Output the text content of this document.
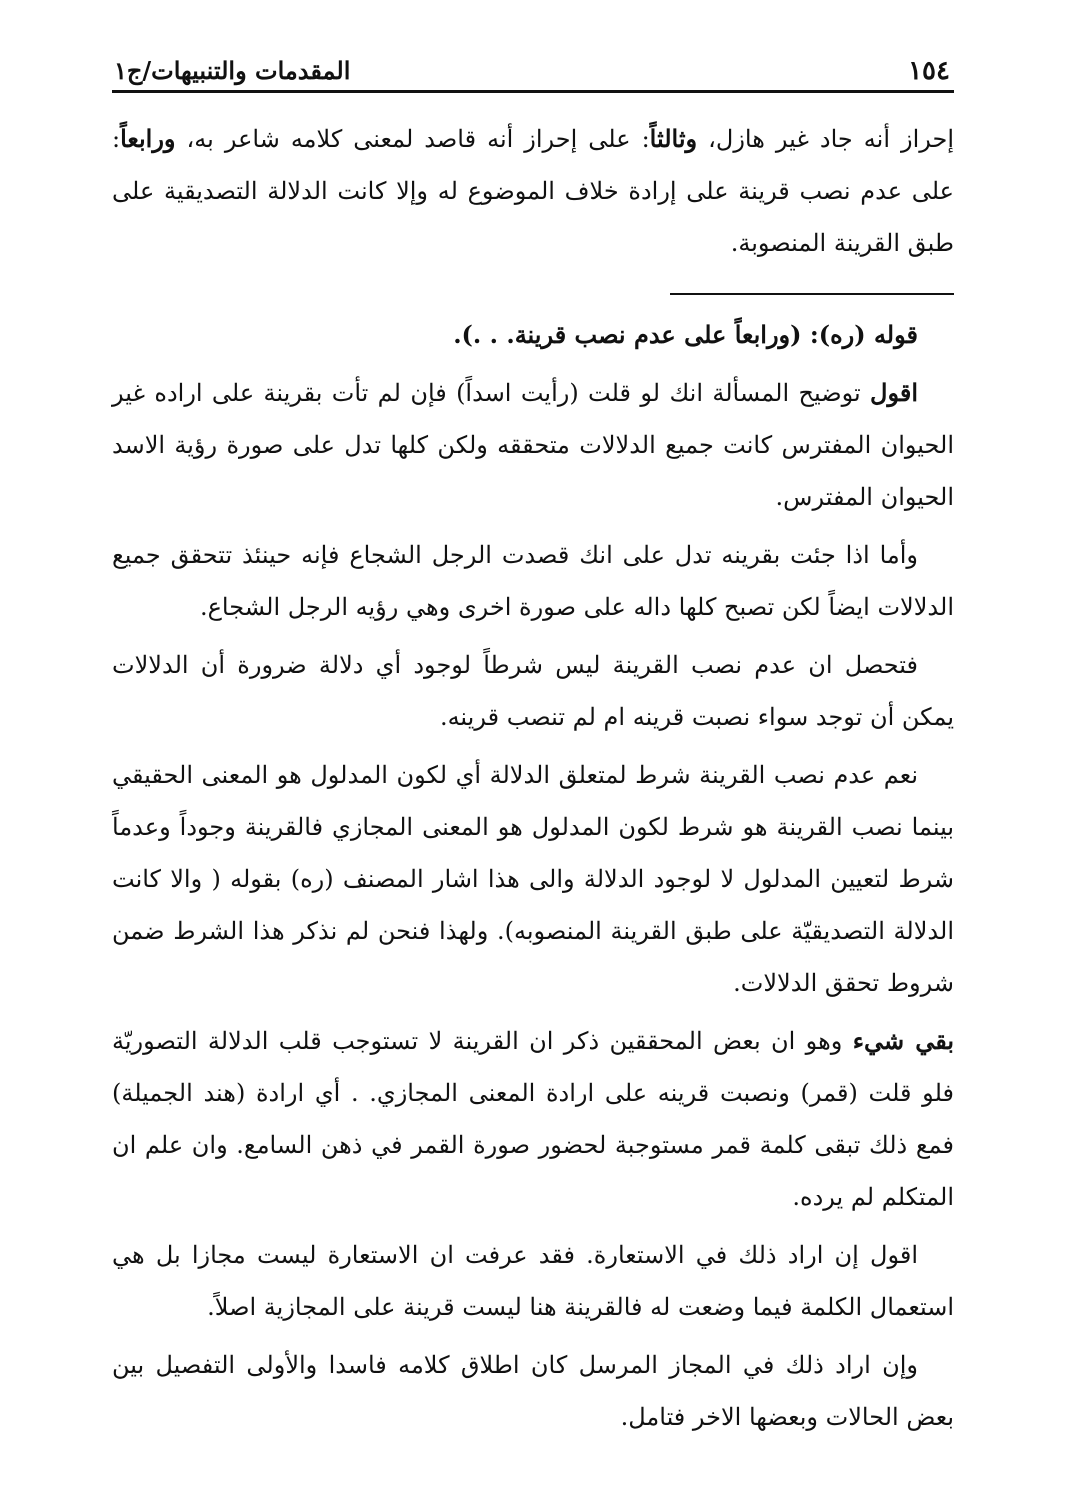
١٥٤
المقدمات والتنبيهات/ج١
إحراز أنه جاد غير هازل، وثالثاً: على إحراز أنه قاصد لمعنى كلامه شاعر به، ورابعاً: على عدم نصب قرينة على إرادة خلاف الموضوع له وإلا كانت الدلالة التصديقية على طبق القرينة المنصوبة.

قوله (ره): (ورابعاً على عدم نصب قرينة. . .).

اقول توضيح المسألة انك لو قلت (رأيت اسداً) فإن لم تأت بقرينة على اراده غير الحيوان المفترس كانت جميع الدلالات متحققه ولكن كلها تدل على صورة رؤية الاسد الحيوان المفترس.

وأما اذا جئت بقرينه تدل على انك قصدت الرجل الشجاع فإنه حينئذ تتحقق جميع الدلالات ايضاً لكن تصبح كلها داله على صورة اخرى وهي رؤيه الرجل الشجاع.

فتحصل ان عدم نصب القرينة ليس شرطاً لوجود أي دلالة ضرورة أن الدلالات يمكن أن توجد سواء نصبت قرينه ام لم تنصب قرينه.

نعم عدم نصب القرينة شرط لمتعلق الدلالة أي لكون المدلول هو المعنى الحقيقي بينما نصب القرينة هو شرط لكون المدلول هو المعنى المجازي فالقرينة وجوداً وعدماً شرط لتعيين المدلول لا لوجود الدلالة والى هذا اشار المصنف (ره) بقوله ( والا كانت الدلالة التصديقيّة على طبق القرينة المنصوبه). ولهذا فنحن لم نذكر هذا الشرط ضمن شروط تحقق الدلالات.

بقي شيء وهو ان بعض المحققين ذكر ان القرينة لا تستوجب قلب الدلالة التصوريّة فلو قلت (قمر) ونصبت قرينه على ارادة المعنى المجازي. . أي ارادة (هند الجميلة) فمع ذلك تبقى كلمة قمر مستوجبة لحضور صورة القمر في ذهن السامع. وان علم ان المتكلم لم يرده.

اقول إن اراد ذلك في الاستعارة. فقد عرفت ان الاستعارة ليست مجازا بل هي استعمال الكلمة فيما وضعت له فالقرينة هنا ليست قرينة على المجازية اصلاً.

وإن اراد ذلك في المجاز المرسل كان اطلاق كلامه فاسدا والأولى التفصيل بين بعض الحالات وبعضها الاخر فتامل.
